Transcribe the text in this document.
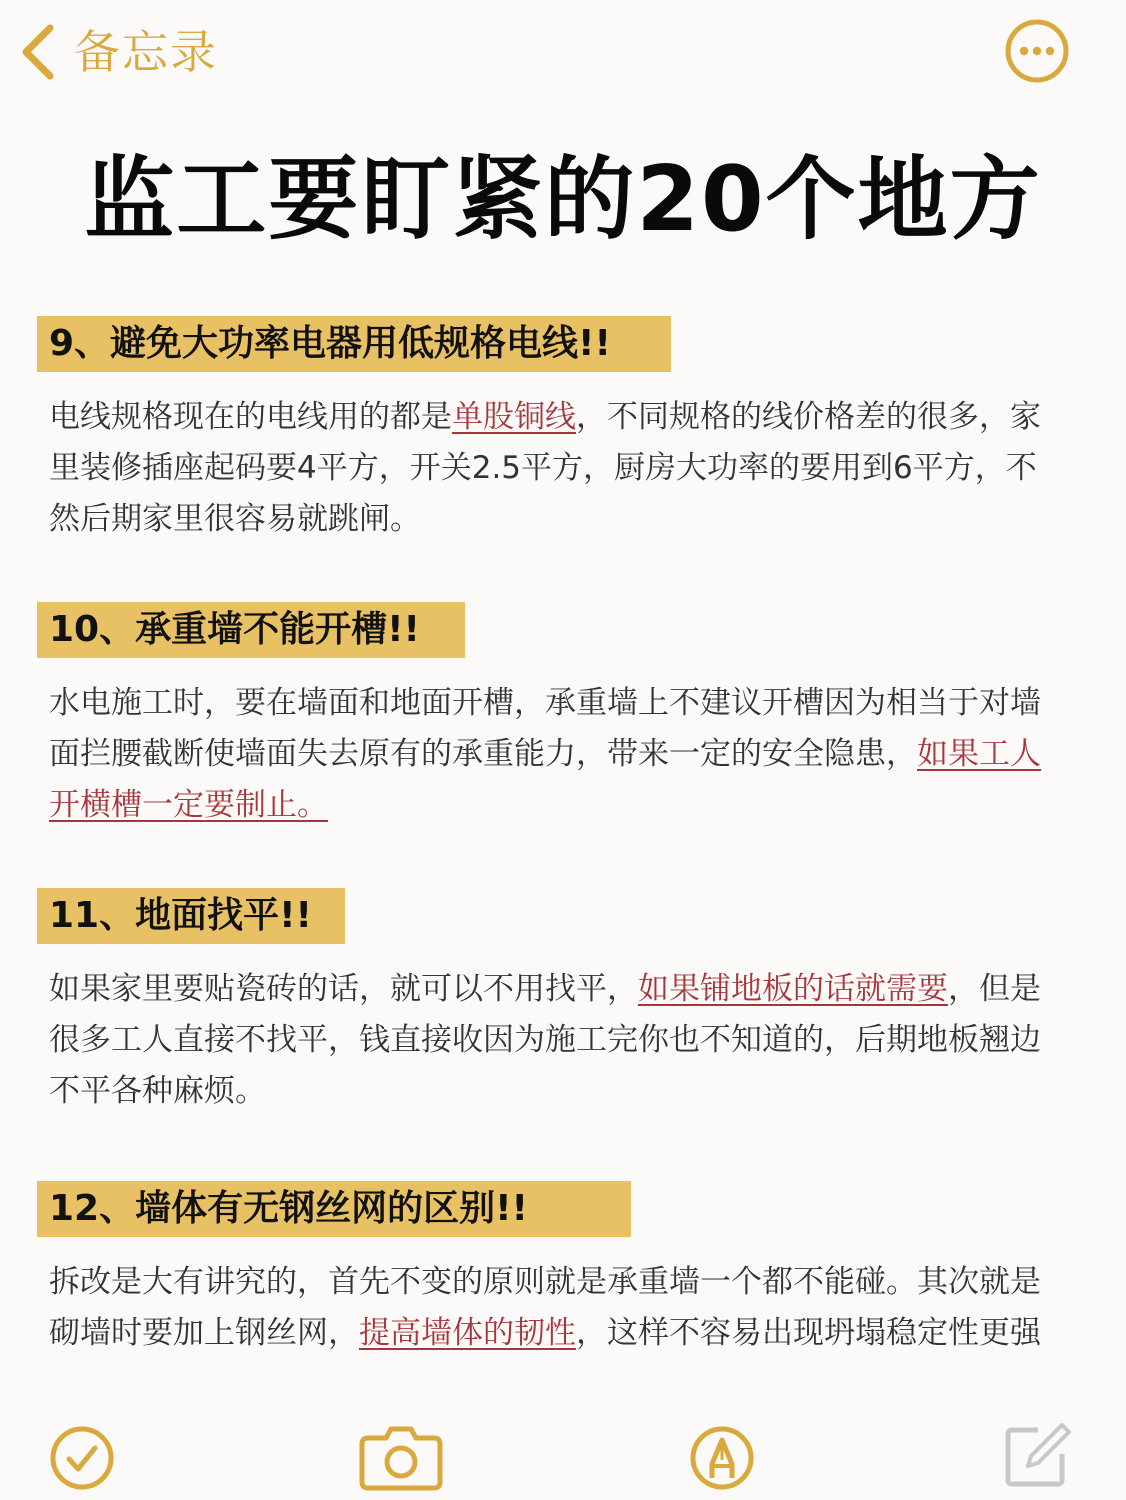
备忘录
监工要盯紧的20个地方
9、避免大功率电器用低规格电线!!
电线规格现在的电线用的都是单股铜线，不同规格的线价格差的很多，家里装修插座起码要4平方，开关2.5平方，厨房大功率的要用到6平方，不然后期家里很容易就跳闸。
10、承重墙不能开槽!!
水电施工时，要在墙面和地面开槽，承重墙上不建议开槽因为相当于对墙面拦腰截断使墙面失去原有的承重能力，带来一定的安全隐患，如果工人开横槽一定要制止。
11、地面找平!!
如果家里要贴瓷砖的话，就可以不用找平，如果铺地板的话就需要，但是很多工人直接不找平，钱直接收因为施工完你也不知道的，后期地板翘边不平各种麻烦。
12、墙体有无钢丝网的区别!!
拆改是大有讲究的，首先不变的原则就是承重墙一个都不能碰。其次就是砌墙时要加上钢丝网，提高墙体的韧性，这样不容易出现坍塌稳定性更强
